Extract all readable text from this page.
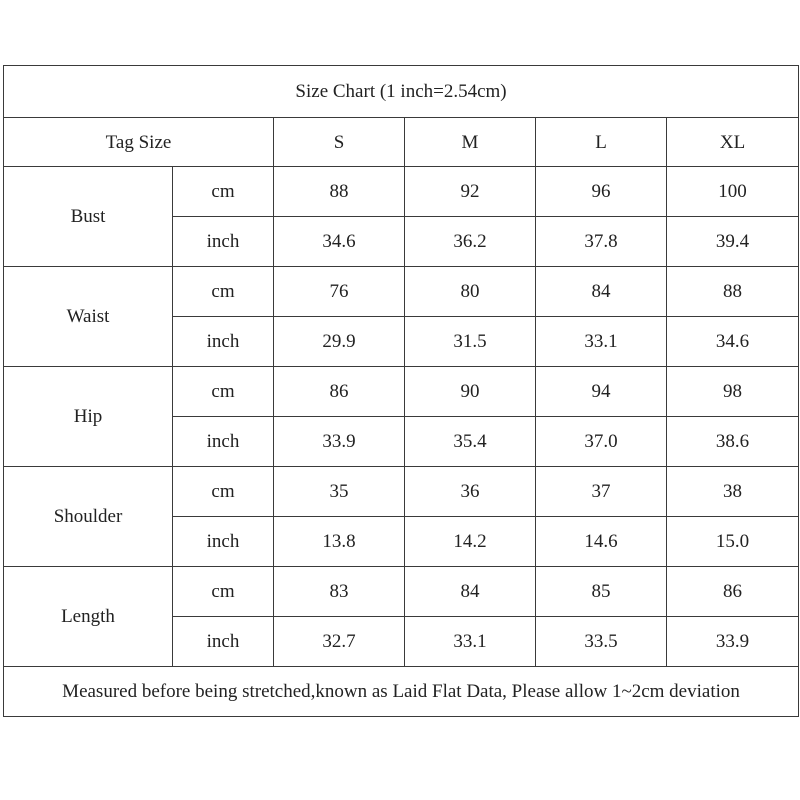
Size Chart (1 inch=2.54cm)					
Tag Size		S	M	L	XL
Bust	cm	88	92	96	100
	inch	34.6	36.2	37.8	39.4
Waist	cm	76	80	84	88
	inch	29.9	31.5	33.1	34.6
Hip	cm	86	90	94	98
	inch	33.9	35.4	37.0	38.6
Shoulder	cm	35	36	37	38
	inch	13.8	14.2	14.6	15.0
Length	cm	83	84	85	86
	inch	32.7	33.1	33.5	33.9
Measured before being stretched,known as Laid Flat Data, Please allow 1~2cm deviation					
